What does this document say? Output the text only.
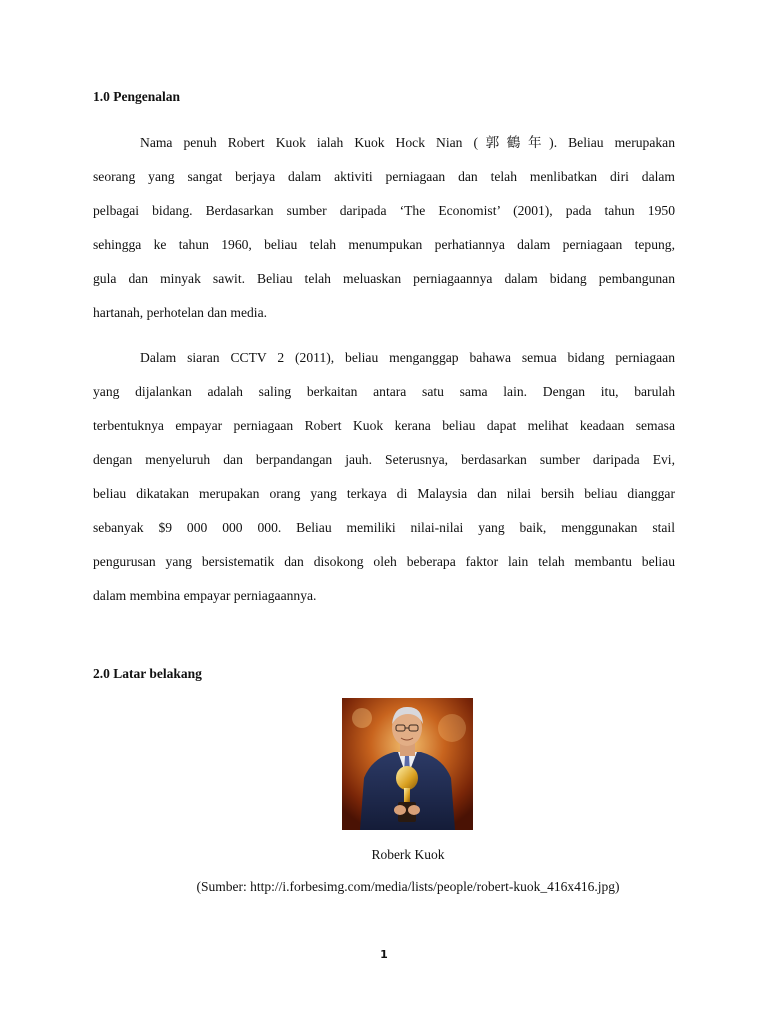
1.0 Pengenalan
Nama penuh Robert Kuok ialah Kuok Hock Nian (郭鶴年). Beliau merupakan
seorang yang sangat berjaya dalam aktiviti perniagaan dan telah menlibatkan diri dalam
pelbagai bidang. Berdasarkan sumber daripada ‘The Economist’ (2001), pada tahun 1950
sehingga ke tahun 1960, beliau telah menumpukan perhatiannya dalam perniagaan tepung,
gula dan minyak sawit. Beliau telah meluaskan perniagaannya dalam bidang pembangunan
hartanah, perhotelan dan media.
Dalam siaran CCTV 2 (2011), beliau menganggap bahawa semua bidang perniagaan
yang dijalankan adalah saling berkaitan antara satu sama lain. Dengan itu, barulah
terbentuknya empayar perniagaan Robert Kuok kerana beliau dapat melihat keadaan semasa
dengan menyeluruh dan berpandangan jauh. Seterusnya, berdasarkan sumber daripada Evi,
beliau dikatakan merupakan orang yang terkaya di Malaysia dan nilai bersih beliau dianggar
sebanyak $9 000 000 000. Beliau memiliki nilai-nilai yang baik, menggunakan stail
pengurusan yang bersistematik dan disokong oleh beberapa faktor lain telah membantu beliau
dalam membina empayar perniagaannya.
2.0 Latar belakang

Roberk Kuok

(Sumber: http://i.forbesimg.com/media/lists/people/robert-kuok_416x416.jpg)

1
